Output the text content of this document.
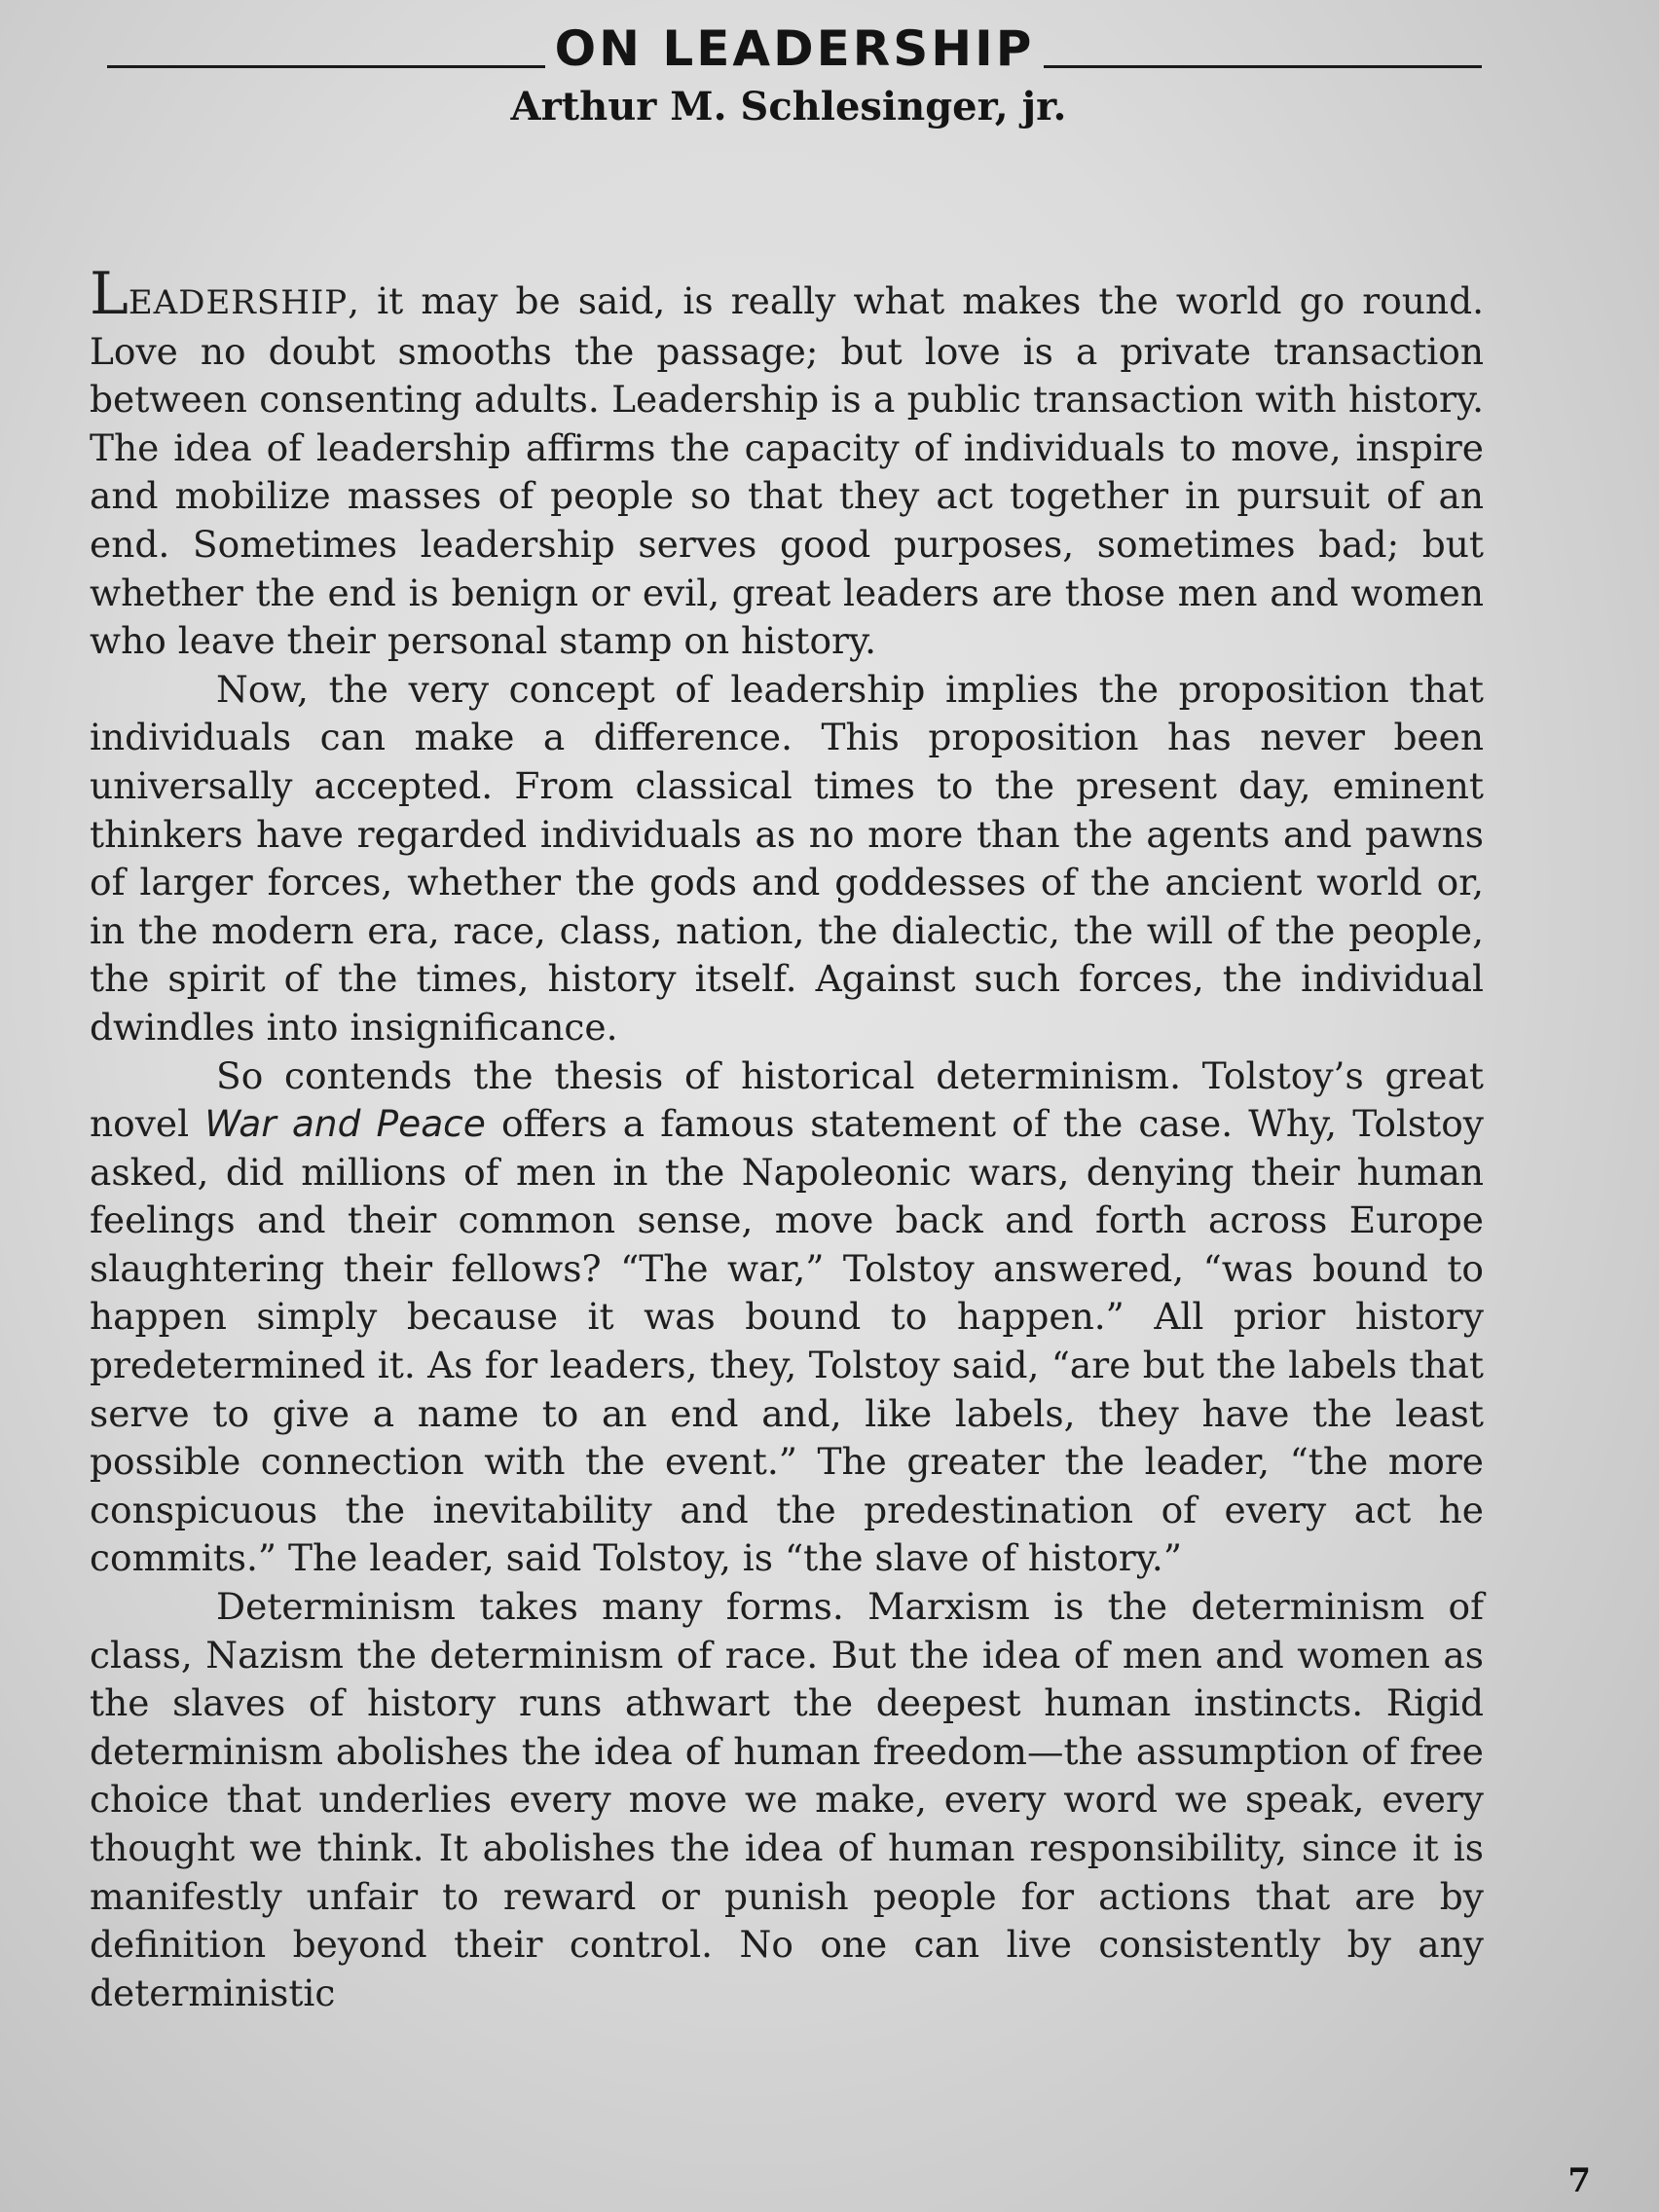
ON LEADERSHIP
Arthur M. Schlesinger, jr.

LEADERSHIP, it may be said, is really what makes the world go round. Love no doubt smooths the passage; but love is a private transaction between consenting adults. Leadership is a public transaction with history. The idea of leadership affirms the capacity of individuals to move, inspire and mobilize masses of people so that they act together in pursuit of an end. Sometimes leadership serves good purposes, sometimes bad; but whether the end is benign or evil, great leaders are those men and women who leave their personal stamp on history.

Now, the very concept of leadership implies the proposition that individuals can make a difference. This proposition has never been universally accepted. From classical times to the present day, eminent thinkers have regarded individuals as no more than the agents and pawns of larger forces, whether the gods and goddesses of the ancient world or, in the modern era, race, class, nation, the dialectic, the will of the people, the spirit of the times, history itself. Against such forces, the individual dwindles into insignificance.

So contends the thesis of historical determinism. Tolstoy’s great novel War and Peace offers a famous statement of the case. Why, Tolstoy asked, did millions of men in the Napoleonic wars, denying their human feelings and their common sense, move back and forth across Europe slaughtering their fellows? “The war,” Tolstoy answered, “was bound to happen simply because it was bound to happen.” All prior history predetermined it. As for leaders, they, Tolstoy said, “are but the labels that serve to give a name to an end and, like labels, they have the least possible connection with the event.” The greater the leader, “the more conspicuous the inevitability and the predestination of every act he commits.” The leader, said Tolstoy, is “the slave of history.”

Determinism takes many forms. Marxism is the determinism of class, Nazism the determinism of race. But the idea of men and women as the slaves of history runs athwart the deepest human instincts. Rigid determinism abolishes the idea of human freedom—the assumption of free choice that underlies every move we make, every word we speak, every thought we think. It abolishes the idea of human responsibility, since it is manifestly unfair to reward or punish people for actions that are by definition beyond their control. No one can live consistently by any deterministic

7
